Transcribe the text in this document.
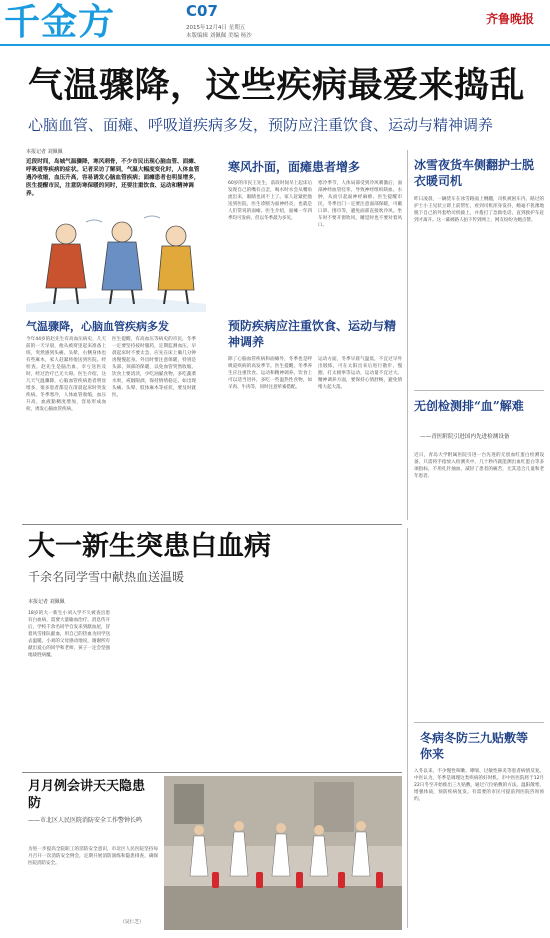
千金方	C07
2015年12月4日 星期五
本版编辑 刘佩佩 美编 杨沙
齐鲁晚报
气温骤降，这些疾病最爱来捣乱
心脑血管、面瘫、呼吸道疾病多发，预防应注重饮食、运动与精神调养
本报记者 刘佩佩
近段时间，岛城气温骤降，寒风刺骨，不少市民出现心脑血管、面瘫、呼吸道等疾病的症状。记者采访了解到，气温大幅度变化时，人体血管遇冷收缩，血压升高，容易诱发心脑血管疾病；面瘫患者也明显增多，医生提醒市民，注意防寒保暖的同时，还要注重饮食、运动和精神调养。
气温骤降，心脑血管疾病多发
今年44岁的赵先生有高血压病史，几天前的一天早晨，他从被窝里起来准备上班，突然感到头痛、头晕，右侧身体也有些麻木，家人赶紧将他送到医院。经检查，赵先生是脑出血，幸亏送医及时，经过治疗已无大碍。医生介绍，这几天气温骤降，心脑血管疾病患者明显增多，很多患者都是在清晨起床时突发疾病。冬季寒冷，人体血管收缩，血压升高，血液黏稠度增加，容易形成血栓，诱发心脑血管疾病。
医生提醒，有高血压等病史的市民，冬季一定要坚持按时服药，定期监测血压，早晨起床时不要太急，应先在床上躺几分钟再慢慢起身。外出时要注意保暖，特别是头部、颈部的保暖，以免血管突然收缩。饮食上要清淡，少吃油腻食物，多吃蔬菜水果，戒烟限酒，保持情绪稳定。如出现头痛、头晕、肢体麻木等症状，要及时就医。
寒风扑面，面瘫患者增多
60岁的市民王先生，前段时间早上起床后发现自己的嘴有点歪，喝水时水会从嘴角流出来，眼睛也闭不上了。家人赶紧把他送到医院，医生诊断为面神经炎，也就是人们常说的面瘫。医生介绍，面瘫一年四季均可发病，但以冬季最为多见。
寒冷季节，人体局部受到冷风刺激后，面部神经血管痉挛，导致神经组织缺血、水肿，从而引起面神经麻痹。医生提醒市民，冬季出门一定要注意面部保暖，可戴口罩、围巾等，避免面部直接吹冷风。坐车时不要开窗吹风，睡觉时也不要对着风口。
预防疾病应注重饮食、运动与精神调养
除了心脑血管疾病和面瘫外，冬季也是呼吸道疾病的高发季节。医生提醒，冬季养生应注重饮食、运动和精神调养。饮食上可以适当进补，多吃一些温热性食物，如羊肉、牛肉等，同时注意荤素搭配。
运动方面，冬季早晨气温低，不宜过早外出锻炼，可在太阳出来后进行散步、慢跑、打太极拳等运动，运动量不宜过大。精神调养方面，要保持心情舒畅，避免情绪大起大落。
冰雪夜货车侧翻护士脱衣暖司机
昨日凌晨，一辆货车在冰雪路面上侧翻，司机被困车内。路过的护士小王见状立即上前帮忙，看到司机浑身发抖，她毫不犹豫地脱下自己的外套给司机披上，并拨打了急救电话，直到救护车赶到才离开。这一幕被路人拍下传到网上，网友纷纷为她点赞。
无创检测排“血”解难
——青医附院引进国内先进检测设备
近日，青岛大学附属医院引进一台先进的无创血红蛋白检测设备，只需将手指放入检测夹中，几十秒内就能测出血红蛋白等多项指标，不用扎针抽血，减轻了患者的痛苦，尤其适合儿童和老年患者。
冬病冬防三九贴敷等你来
入冬以来，不少慢性咳嗽、哮喘、过敏性鼻炎等患者病情反复。中医认为，冬季是调理这类疾病的好时机。市中医医院将于12月22日冬至开始推出三九贴敷，通过穴位贴敷的方法，温阳散寒，增强体质，预防疾病复发。有需要的市民可提前到医院咨询预约。
大一新生突患白血病
千余名同学雪中献热血送温暖
本报记者 刘佩佩
18岁的大一新生小刘入学不久被查出患有白血病，需要大量输血治疗。消息传开后，学校千余名同学自发来到献血屋，冒着风雪排队献血，用自己的热血为同学送去温暖。小刘的父母感动地说，谢谢所有献出爱心的同学和老师，孩子一定会坚强地战胜病魔。
月月例会讲天天隐患防
——市北区人民医院消防安全工作警钟长鸣
为进一步提高全院职工的消防安全意识，市北区人民医院坚持每月召开一次消防安全例会，定期开展消防演练和隐患排查，确保医院消防安全。
（吴仁芝）
